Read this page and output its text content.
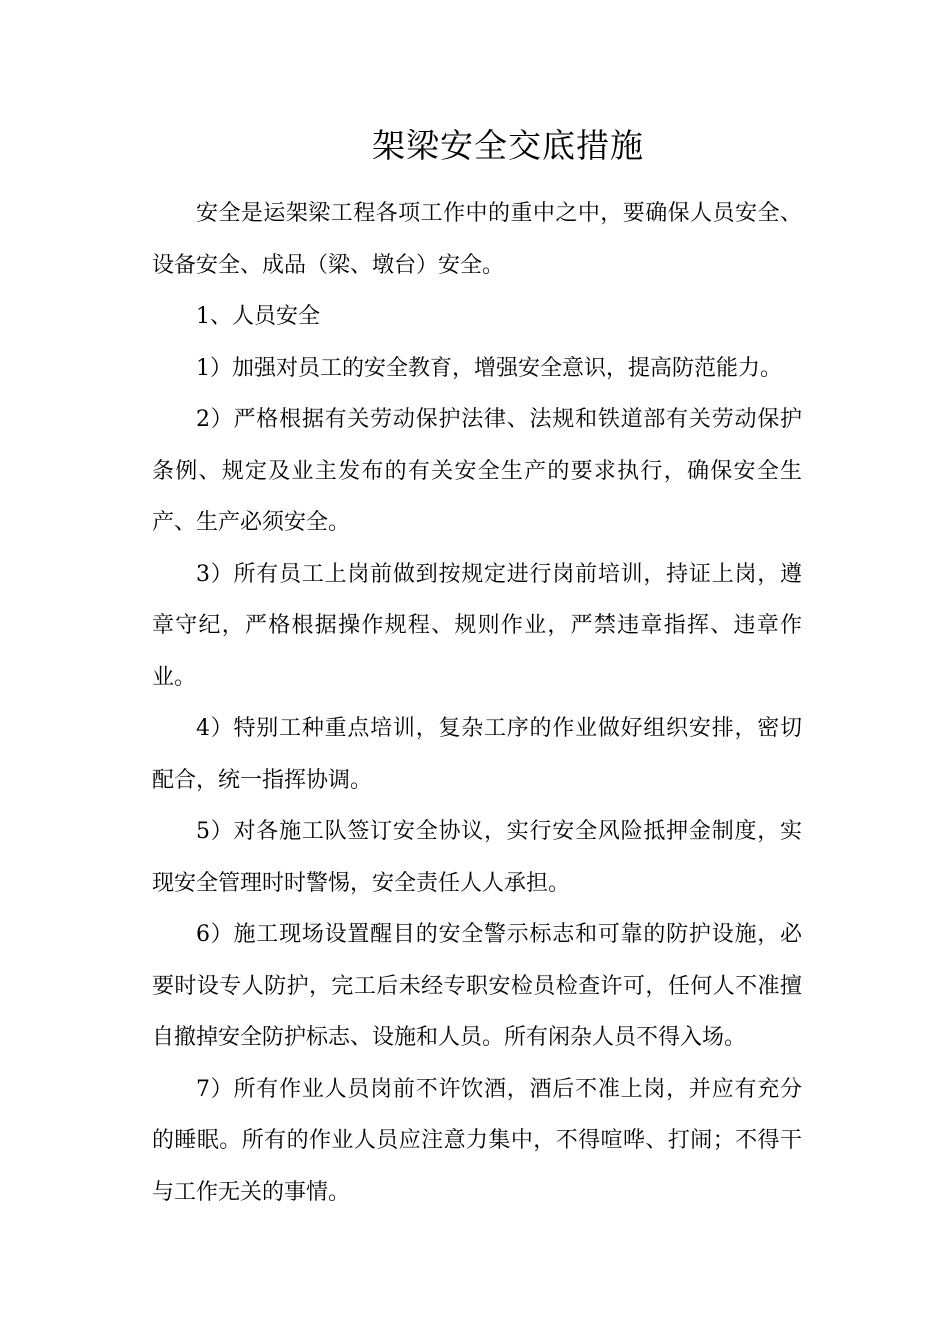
架梁安全交底措施

安全是运架梁工程各项工作中的重中之中，要确保人员安全、设备安全、成品（梁、墩台）安全。

1、人员安全

1）加强对员工的安全教育，增强安全意识，提高防范能力。

2）严格根据有关劳动保护法律、法规和铁道部有关劳动保护条例、规定及业主发布的有关安全生产的要求执行，确保安全生产、生产必须安全。

3）所有员工上岗前做到按规定进行岗前培训，持证上岗，遵章守纪，严格根据操作规程、规则作业，严禁违章指挥、违章作业。

4）特别工种重点培训，复杂工序的作业做好组织安排，密切配合，统一指挥协调。

5）对各施工队签订安全协议，实行安全风险抵押金制度，实现安全管理时时警惕，安全责任人人承担。

6）施工现场设置醒目的安全警示标志和可靠的防护设施，必要时设专人防护，完工后未经专职安检员检查许可，任何人不准擅自撤掉安全防护标志、设施和人员。所有闲杂人员不得入场。

7）所有作业人员岗前不许饮酒，酒后不准上岗，并应有充分的睡眠。所有的作业人员应注意力集中，不得喧哗、打闹；不得干与工作无关的事情。
